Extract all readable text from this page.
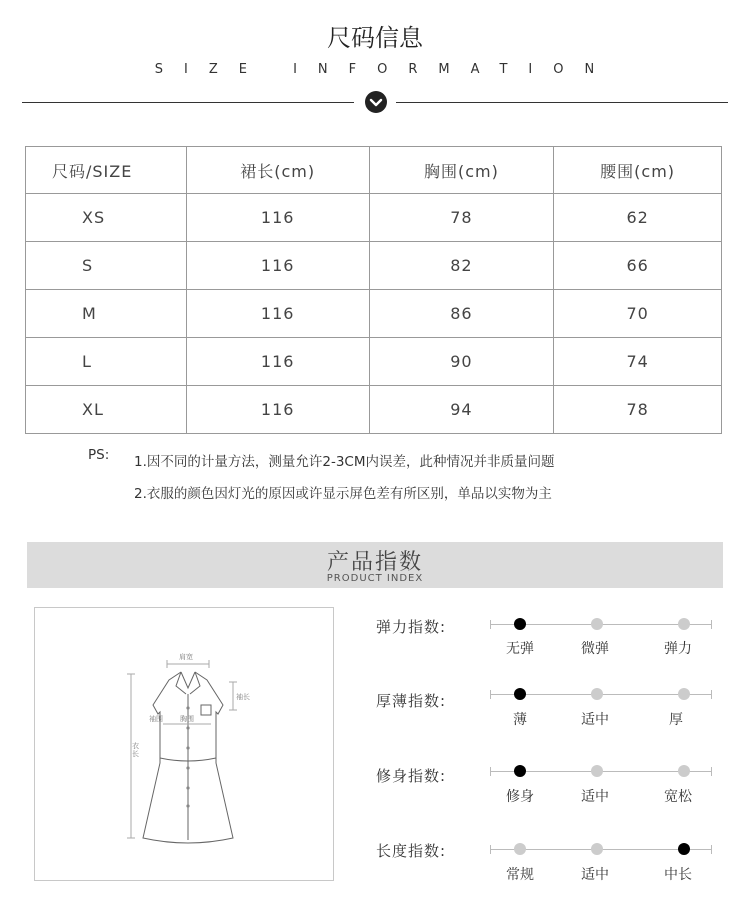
尺码信息
SIZE INFORMATION
尺码/SIZE	裙长(cm)	胸围(cm)	腰围(cm)
XS	116	78	62
S	116	82	66
M	116	86	70
L	116	90	74
XL	116	94	78
PS: 1.因不同的计量方法，测量允许2-3CM内误差，此种情况并非质量问题
2.衣服的颜色因灯光的原因或许显示屏色差有所区别，单品以实物为主
产品指数
PRODUCT INDEX
肩宽
袖长
袖围 胸围
衣长
弹力指数:
无弹	微弹	弹力
厚薄指数:
薄	适中	厚
修身指数:
修身	适中	宽松
长度指数:
常规	适中	中长
